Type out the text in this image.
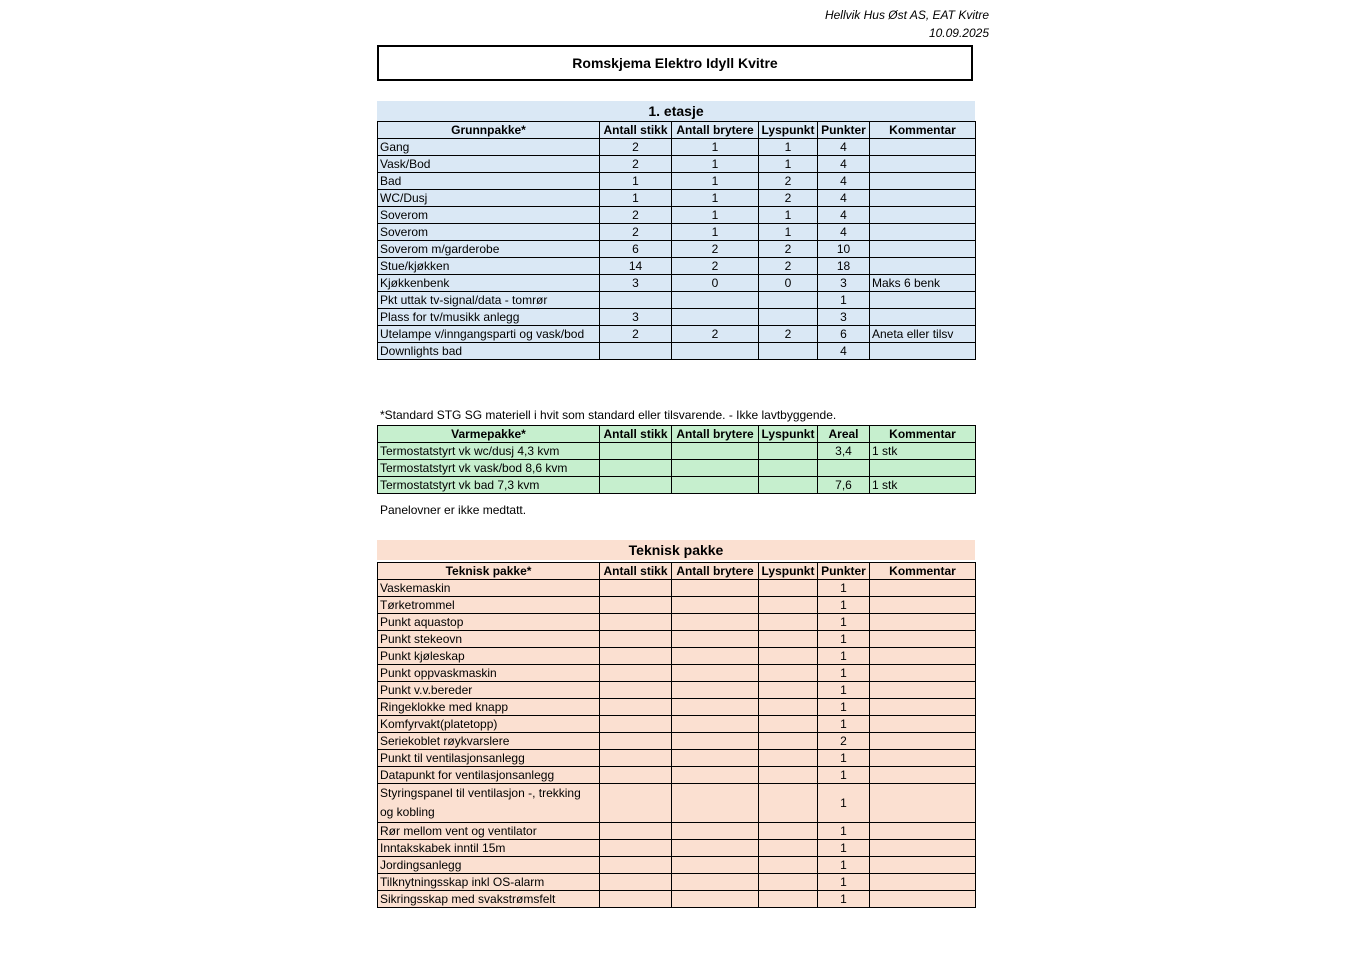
Hellvik Hus Øst AS, EAT Kvitre
10.09.2025
Romskjema Elektro Idyll Kvitre
1. etasje
Grunnpakke*	Antall stikk	Antall brytere	Lyspunkt	Punkter	Kommentar
Gang	2	1	1	4	
Vask/Bod	2	1	1	4	
Bad	1	1	2	4	
WC/Dusj	1	1	2	4	
Soverom	2	1	1	4	
Soverom	2	1	1	4	
Soverom m/garderobe	6	2	2	10	
Stue/kjøkken	14	2	2	18	
Kjøkkenbenk	3	0	0	3	Maks 6 benk
Pkt uttak tv-signal/data - tomrør				1	
Plass for tv/musikk anlegg	3			3	
Utelampe v/inngangsparti og vask/bod	2	2	2	6	Aneta eller tilsv
Downlights bad				4	
*Standard STG SG materiell i hvit som standard eller tilsvarende. - Ikke lavtbyggende.
Varmepakke*	Antall stikk	Antall brytere	Lyspunkt	Areal	Kommentar
Termostatstyrt vk wc/dusj 4,3 kvm				3,4	1 stk
Termostatstyrt vk vask/bod 8,6 kvm					
Termostatstyrt vk bad 7,3 kvm				7,6	1 stk
Panelovner er ikke medtatt.
Teknisk pakke
Teknisk pakke*	Antall stikk	Antall brytere	Lyspunkt	Punkter	Kommentar
Vaskemaskin				1	
Tørketrommel				1	
Punkt aquastop				1	
Punkt stekeovn				1	
Punkt kjøleskap				1	
Punkt oppvaskmaskin				1	
Punkt v.v.bereder				1	
Ringeklokke med knapp				1	
Komfyrvakt(platetopp)				1	
Seriekoblet røykvarslere				2	
Punkt til ventilasjonsanlegg				1	
Datapunkt for ventilasjonsanlegg				1	
Styringspanel til ventilasjon -, trekking og kobling				1	
Rør mellom vent og ventilator				1	
Inntakskabek inntil 15m				1	
Jordingsanlegg				1	
Tilknytningsskap inkl OS-alarm				1	
Sikringsskap med svakstrømsfelt				1	
